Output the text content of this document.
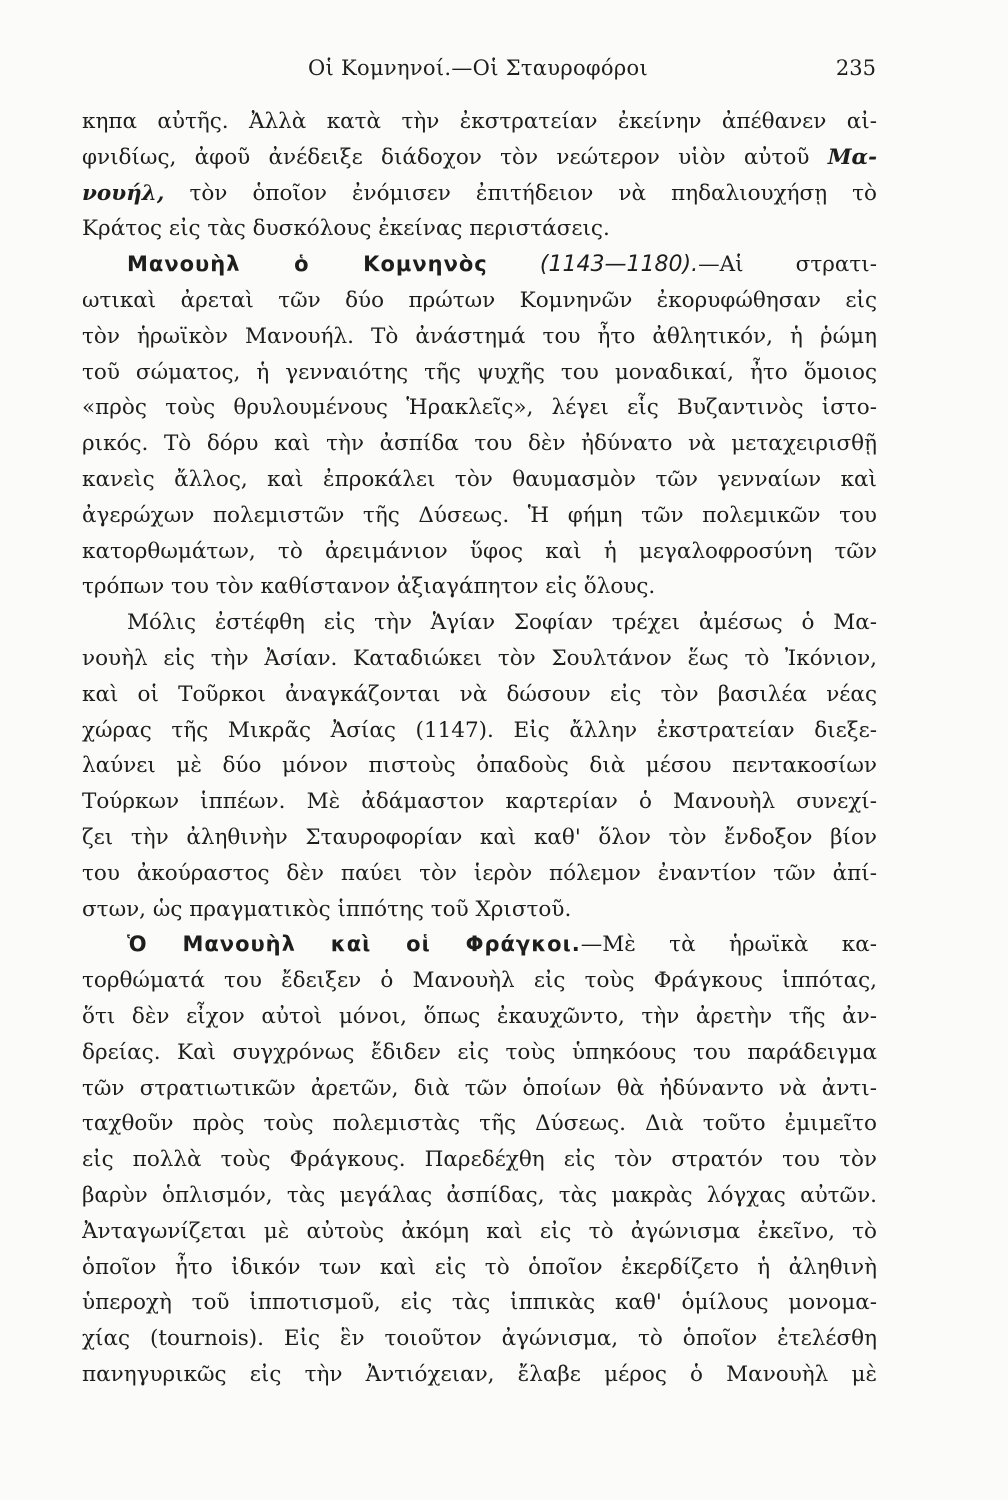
Οἱ Κομνηνοί.—Οἱ Σταυροφόροι	235
κηπα αὐτῆς. Ἀλλὰ κατὰ τὴν ἐκστρατείαν ἐκείνην ἀπέθανεν αἰ-
φνιδίως, ἀφοῦ ἀνέδειξε διάδοχον τὸν νεώτερον υἱὸν αὐτοῦ Μα-
νουήλ, τὸν ὁποῖον ἐνόμισεν ἐπιτήδειον νὰ πηδαλιουχήσῃ τὸ
Κράτος εἰς τὰς δυσκόλους ἐκείνας περιστάσεις.
Μανουὴλ ὁ Κομνηνὸς (1143—1180).—Αἱ στρατι-
ωτικαὶ ἀρεταὶ τῶν δύο πρώτων Κομνηνῶν ἐκορυφώθησαν εἰς
τὸν ἡρωϊκὸν Μανουήλ. Τὸ ἀνάστημά του ἦτο ἀθλητικόν, ἡ ῥώμη
τοῦ σώματος, ἡ γενναιότης τῆς ψυχῆς του μοναδικαί, ἦτο ὅμοιος
«πρὸς τοὺς θρυλουμένους Ἡρακλεῖς», λέγει εἷς Βυζαντινὸς ἱστο-
ρικός. Τὸ δόρυ καὶ τὴν ἀσπίδα του δὲν ἠδύνατο νὰ μεταχειρισθῇ
κανεὶς ἄλλος, καὶ ἐπροκάλει τὸν θαυμασμὸν τῶν γενναίων καὶ
ἀγερώχων πολεμιστῶν τῆς Δύσεως. Ἡ φήμη τῶν πολεμικῶν του
κατορθωμάτων, τὸ ἀρειμάνιον ὕφος καὶ ἡ μεγαλοφροσύνη τῶν
τρόπων του τὸν καθίστανον ἀξιαγάπητον εἰς ὅλους.
Μόλις ἐστέφθη εἰς τὴν Ἁγίαν Σοφίαν τρέχει ἀμέσως ὁ Μα-
νουὴλ εἰς τὴν Ἀσίαν. Καταδιώκει τὸν Σουλτάνον ἕως τὸ Ἰκόνιον,
καὶ οἱ Τοῦρκοι ἀναγκάζονται νὰ δώσουν εἰς τὸν βασιλέα νέας
χώρας τῆς Μικρᾶς Ἀσίας (1147). Εἰς ἄλλην ἐκστρατείαν διεξε-
λαύνει μὲ δύο μόνον πιστοὺς ὀπαδοὺς διὰ μέσου πεντακοσίων
Τούρκων ἱππέων. Μὲ ἀδάμαστον καρτερίαν ὁ Μανουὴλ συνεχί-
ζει τὴν ἀληθινὴν Σταυροφορίαν καὶ καθ' ὅλον τὸν ἔνδοξον βίον
του ἀκούραστος δὲν παύει τὸν ἱερὸν πόλεμον ἐναντίον τῶν ἀπί-
στων, ὡς πραγματικὸς ἱππότης τοῦ Χριστοῦ.
Ὁ Μανουὴλ καὶ οἱ Φράγκοι.—Μὲ τὰ ἡρωϊκὰ κα-
τορθώματά του ἔδειξεν ὁ Μανουὴλ εἰς τοὺς Φράγκους ἱππότας,
ὅτι δὲν εἶχον αὐτοὶ μόνοι, ὅπως ἐκαυχῶντο, τὴν ἀρετὴν τῆς ἀν-
δρείας. Καὶ συγχρόνως ἔδιδεν εἰς τοὺς ὑπηκόους του παράδειγμα
τῶν στρατιωτικῶν ἀρετῶν, διὰ τῶν ὁποίων θὰ ἠδύναντο νὰ ἀντι-
ταχθοῦν πρὸς τοὺς πολεμιστὰς τῆς Δύσεως. Διὰ τοῦτο ἐμιμεῖτο
εἰς πολλὰ τοὺς Φράγκους. Παρεδέχθη εἰς τὸν στρατόν του τὸν
βαρὺν ὁπλισμόν, τὰς μεγάλας ἀσπίδας, τὰς μακρὰς λόγχας αὐτῶν.
Ἀνταγωνίζεται μὲ αὐτοὺς ἀκόμη καὶ εἰς τὸ ἀγώνισμα ἐκεῖνο, τὸ
ὁποῖον ἦτο ἰδικόν των καὶ εἰς τὸ ὁποῖον ἐκερδίζετο ἡ ἀληθινὴ
ὑπεροχὴ τοῦ ἱπποτισμοῦ, εἰς τὰς ἱππικὰς καθ' ὁμίλους μονομα-
χίας (tournois). Εἰς ἓν τοιοῦτον ἀγώνισμα, τὸ ὁποῖον ἐτελέσθη
πανηγυρικῶς εἰς τὴν Ἀντιόχειαν, ἔλαβε μέρος ὁ Μανουὴλ μὲ
